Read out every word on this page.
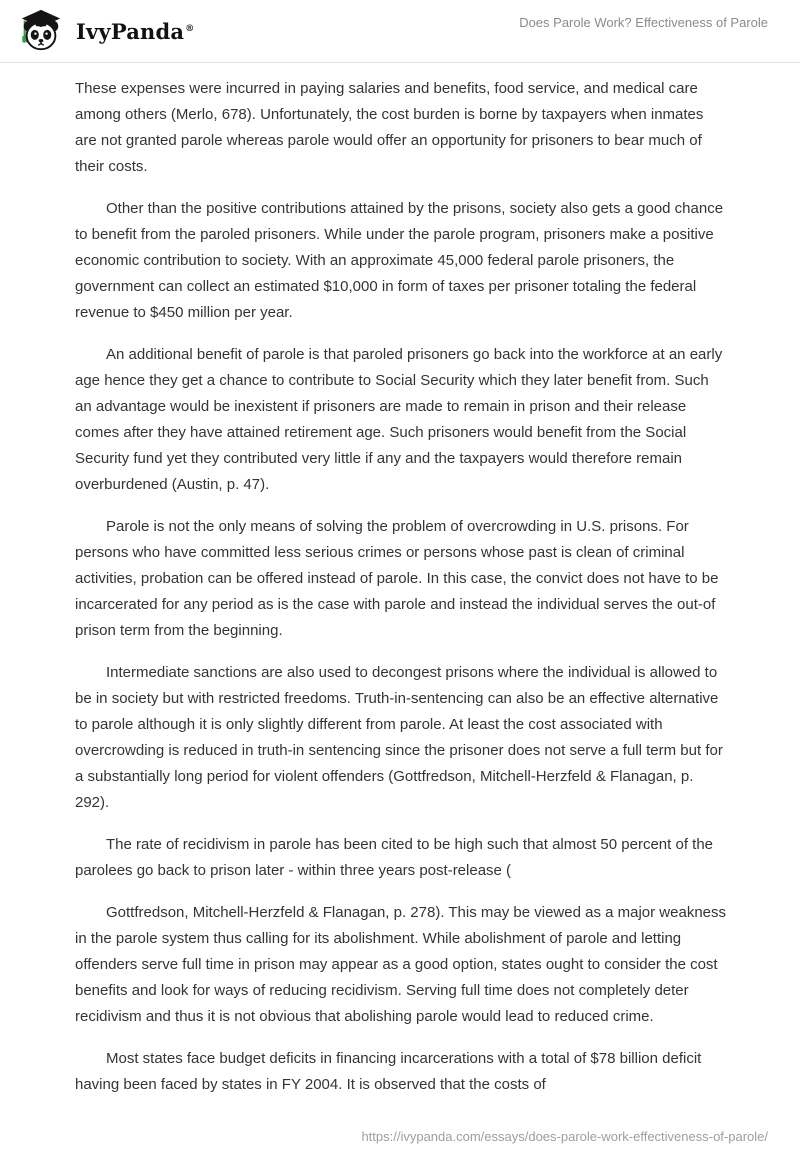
IvyPanda®	Does Parole Work? Effectiveness of Parole

These expenses were incurred in paying salaries and benefits, food service, and medical care among others (Merlo, 678). Unfortunately, the cost burden is borne by taxpayers when inmates are not granted parole whereas parole would offer an opportunity for prisoners to bear much of their costs.

Other than the positive contributions attained by the prisons, society also gets a good chance to benefit from the paroled prisoners. While under the parole program, prisoners make a positive economic contribution to society. With an approximate 45,000 federal parole prisoners, the government can collect an estimated $10,000 in form of taxes per prisoner totaling the federal revenue to $450 million per year.

An additional benefit of parole is that paroled prisoners go back into the workforce at an early age hence they get a chance to contribute to Social Security which they later benefit from. Such an advantage would be inexistent if prisoners are made to remain in prison and their release comes after they have attained retirement age. Such prisoners would benefit from the Social Security fund yet they contributed very little if any and the taxpayers would therefore remain overburdened (Austin, p. 47).

Parole is not the only means of solving the problem of overcrowding in U.S. prisons. For persons who have committed less serious crimes or persons whose past is clean of criminal activities, probation can be offered instead of parole. In this case, the convict does not have to be incarcerated for any period as is the case with parole and instead the individual serves the out-of prison term from the beginning.

Intermediate sanctions are also used to decongest prisons where the individual is allowed to be in society but with restricted freedoms. Truth-in-sentencing can also be an effective alternative to parole although it is only slightly different from parole. At least the cost associated with overcrowding is reduced in truth-in sentencing since the prisoner does not serve a full term but for a substantially long period for violent offenders (Gottfredson, Mitchell-Herzfeld & Flanagan, p. 292).

The rate of recidivism in parole has been cited to be high such that almost 50 percent of the parolees go back to prison later - within three years post-release (

Gottfredson, Mitchell-Herzfeld & Flanagan, p. 278). This may be viewed as a major weakness in the parole system thus calling for its abolishment. While abolishment of parole and letting offenders serve full time in prison may appear as a good option, states ought to consider the cost benefits and look for ways of reducing recidivism. Serving full time does not completely deter recidivism and thus it is not obvious that abolishing parole would lead to reduced crime.

Most states face budget deficits in financing incarcerations with a total of $78 billion deficit having been faced by states in FY 2004. It is observed that the costs of

https://ivypanda.com/essays/does-parole-work-effectiveness-of-parole/
